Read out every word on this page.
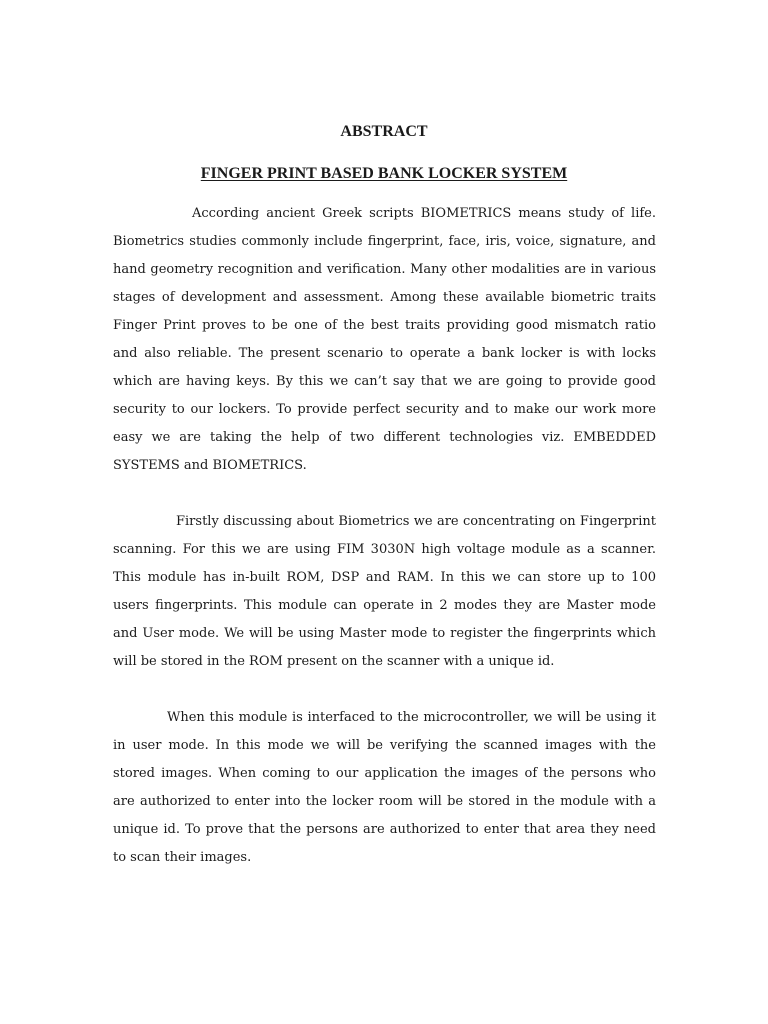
ABSTRACT
FINGER PRINT BASED BANK LOCKER SYSTEM

According ancient Greek scripts BIOMETRICS means study of life. Biometrics studies commonly include fingerprint, face, iris, voice, signature, and hand geometry recognition and verification. Many other modalities are in various stages of development and assessment. Among these available biometric traits Finger Print proves to be one of the best traits providing good mismatch ratio and also reliable. The present scenario to operate a bank locker is with locks which are having keys. By this we can’t say that we are going to provide good security to our lockers. To provide perfect security and to make our work more easy we are taking the help of two different technologies viz. EMBEDDED SYSTEMS and BIOMETRICS.

Firstly discussing about Biometrics we are concentrating on Fingerprint scanning. For this we are using FIM 3030N high voltage module as a scanner. This module has in-built ROM, DSP and RAM. In this we can store up to 100 users fingerprints. This module can operate in 2 modes they are Master mode and User mode. We will be using Master mode to register the fingerprints which will be stored in the ROM present on the scanner with a unique id.

When this module is interfaced to the microcontroller, we will be using it in user mode. In this mode we will be verifying the scanned images with the stored images. When coming to our application the images of the persons who are authorized to enter into the locker room will be stored in the module with a unique id. To prove that the persons are authorized to enter that area they need to scan their images.
